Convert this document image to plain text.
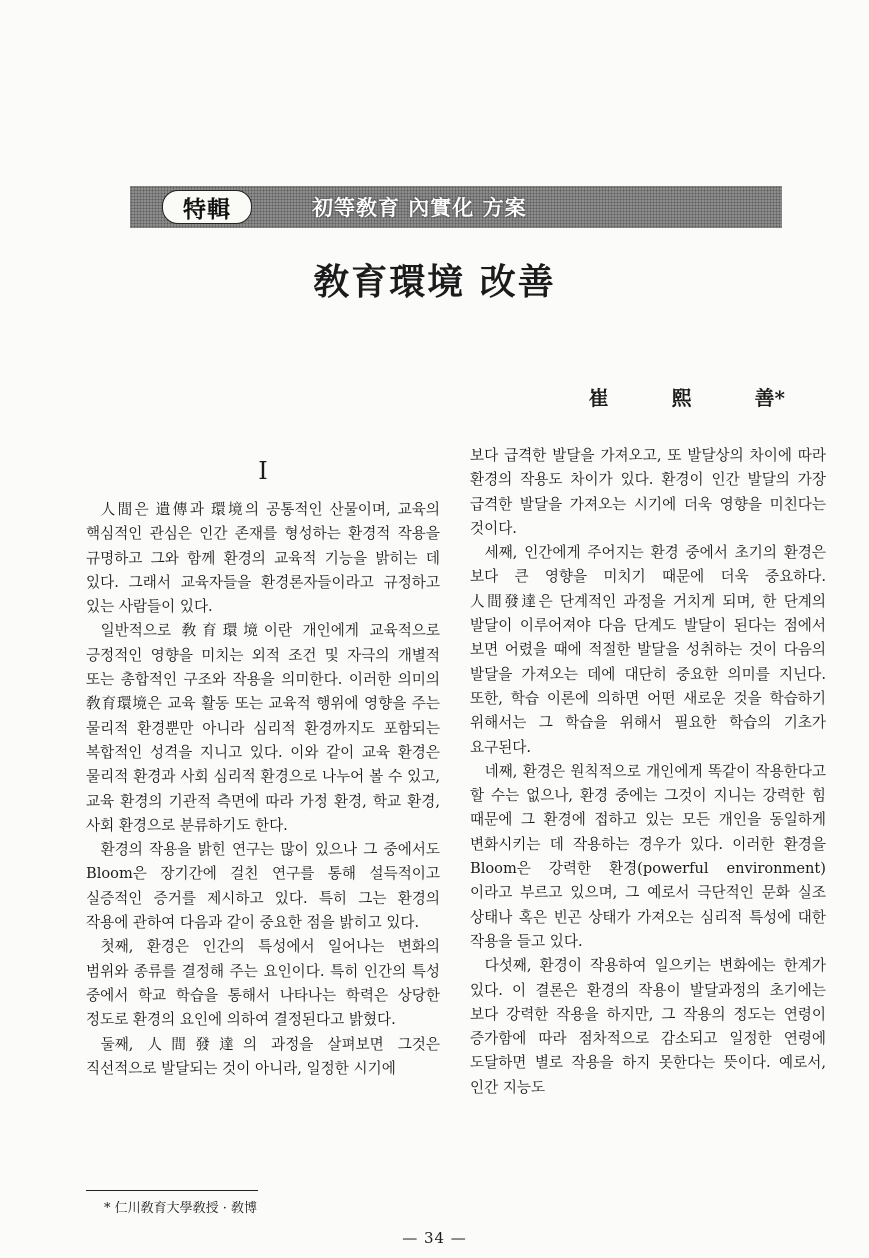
特輯	初等敎育 內實化 方案
敎育環境 改善
崔	熙	善*
I

人間은 遺傳과 環境의 공통적인 산물이며, 교육의 핵심적인 관심은 인간 존재를 형성하는 환경적 작용을 규명하고 그와 함께 환경의 교육적 기능을 밝히는 데 있다. 그래서 교육자들을 환경론자들이라고 규정하고 있는 사람들이 있다.

일반적으로 敎育環境이란 개인에게 교육적으로 긍정적인 영향을 미치는 외적 조건 및 자극의 개별적 또는 총합적인 구조와 작용을 의미한다. 이러한 의미의 敎育環境은 교육 활동 또는 교육적 행위에 영향을 주는 물리적 환경뿐만 아니라 심리적 환경까지도 포함되는 복합적인 성격을 지니고 있다. 이와 같이 교육 환경은 물리적 환경과 사회 심리적 환경으로 나누어 볼 수 있고, 교육 환경의 기관적 측면에 따라 가정 환경, 학교 환경, 사회 환경으로 분류하기도 한다.

환경의 작용을 밝힌 연구는 많이 있으나 그 중에서도 Bloom은 장기간에 걸친 연구를 통해 설득적이고 실증적인 증거를 제시하고 있다. 특히 그는 환경의 작용에 관하여 다음과 같이 중요한 점을 밝히고 있다.

첫째, 환경은 인간의 특성에서 일어나는 변화의 범위와 종류를 결정해 주는 요인이다. 특히 인간의 특성 중에서 학교 학습을 통해서 나타나는 학력은 상당한 정도로 환경의 요인에 의하여 결정된다고 밝혔다.

둘째, 人間發達의 과정을 살펴보면 그것은 직선적으로 발달되는 것이 아니라, 일정한 시기에

보다 급격한 발달을 가져오고, 또 발달상의 차이에 따라 환경의 작용도 차이가 있다. 환경이 인간 발달의 가장 급격한 발달을 가져오는 시기에 더욱 영향을 미친다는 것이다.

세째, 인간에게 주어지는 환경 중에서 초기의 환경은 보다 큰 영향을 미치기 때문에 더욱 중요하다. 人間發達은 단계적인 과정을 거치게 되며, 한 단계의 발달이 이루어져야 다음 단계도 발달이 된다는 점에서 보면 어렸을 때에 적절한 발달을 성취하는 것이 다음의 발달을 가져오는 데에 대단히 중요한 의미를 지닌다. 또한, 학습 이론에 의하면 어떤 새로운 것을 학습하기 위해서는 그 학습을 위해서 필요한 학습의 기초가 요구된다.

네째, 환경은 원칙적으로 개인에게 똑같이 작용한다고 할 수는 없으나, 환경 중에는 그것이 지니는 강력한 힘 때문에 그 환경에 접하고 있는 모든 개인을 동일하게 변화시키는 데 작용하는 경우가 있다. 이러한 환경을 Bloom은 강력한 환경(powerful environment)이라고 부르고 있으며, 그 예로서 극단적인 문화 실조 상태나 혹은 빈곤 상태가 가져오는 심리적 특성에 대한 작용을 들고 있다.

다섯째, 환경이 작용하여 일으키는 변화에는 한계가 있다. 이 결론은 환경의 작용이 발달과정의 초기에는 보다 강력한 작용을 하지만, 그 작용의 정도는 연령이 증가함에 따라 점차적으로 감소되고 일정한 연령에 도달하면 별로 작용을 하지 못한다는 뜻이다. 예로서, 인간 지능도

* 仁川敎育大學敎授 · 敎博
— 34 —
